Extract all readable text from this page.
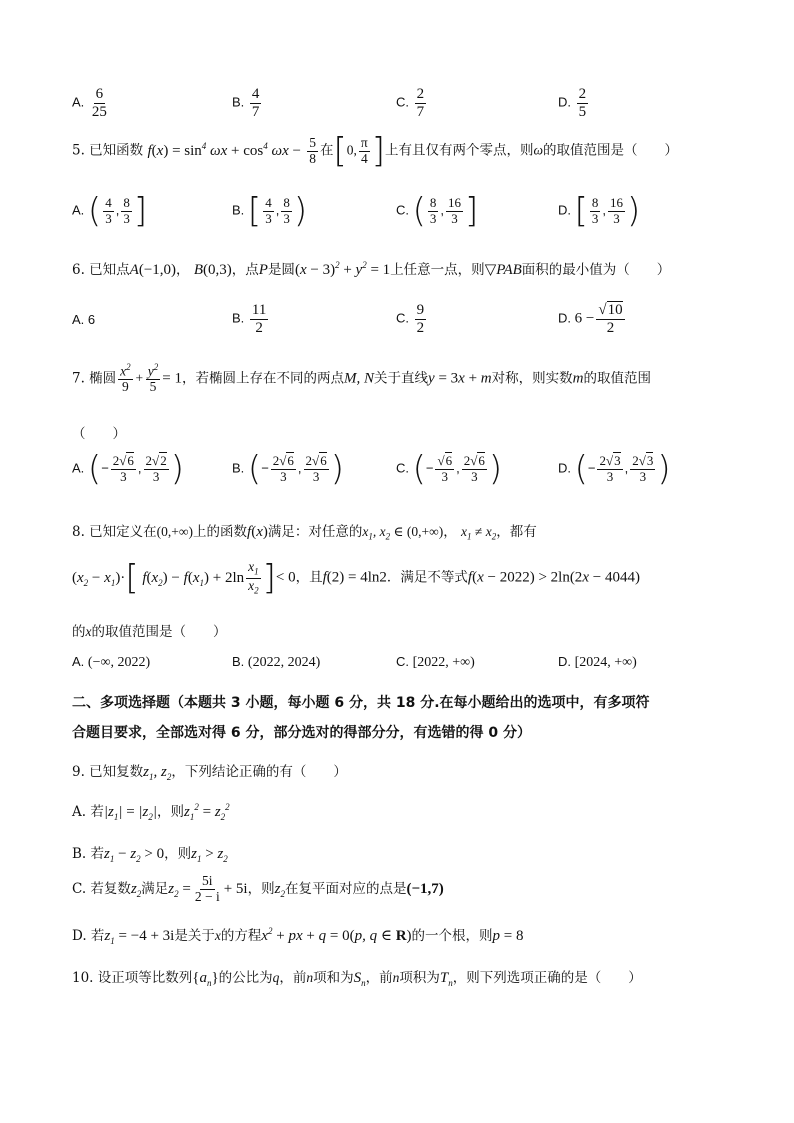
A. $\frac{6}{25}$	B. $\frac{4}{7}$	C. $\frac{2}{7}$	D. $\frac{2}{5}$
5. 已知函数 $f(x) = \sin^4 \omega x + \cos^4 \omega x - \frac{5}{8}$ 在[0, $\frac{\pi}{4}$ ]上有且仅有两个零点，则ω的取值范围是（　　）
A. ( $\frac{4}{3}$ , $\frac{8}{3}$ ]	B. [ $\frac{4}{3}$ , $\frac{8}{3}$ )	C. ( $\frac{8}{3}$ , $\frac{16}{3}$ ]	D. [ $\frac{8}{3}$ , $\frac{16}{3}$ )
6. 已知点A(−1,0)， B(0,3)，点P是圆$(x - 3)^2 + y^2 = 1$上任意一点，则▽PAB面积的最小值为（　　）
A. 6	B. $\frac{11}{2}$	C. $\frac{9}{2}$	D. $6 - \frac{√10}{2}$
7. 椭圆 $\frac{x^2}{9} + \frac{y^2}{5} = 1$，若椭圆上存在不同的两点M, N关于直线y = 3x + m对称，则实数m的取值范围
（　　）
A. (− $\frac{2√6}{3}$ , $\frac{2√2}{3}$ )	B. (− $\frac{2√6}{3}$ , $\frac{2√6}{3}$ )	C. (− $\frac{√6}{3}$ , $\frac{2√6}{3}$ )	D. (− $\frac{2√3}{3}$ , $\frac{2√3}{3}$ )
8. 已知定义在(0,+∞)上的函数f(x)满足：对任意的$x_1$, $x_2$ ∈ (0,+∞)， $x_1 \ne x_2$，都有
$(x_2 - x_1)\cdot$[ $f(x_2) - f(x_1) + 2\ln \frac{x_1}{x_2}$ ]< 0，且f(2) = 4ln2．满足不等式f(x − 2022) > 2ln(2x − 4044)
的x的取值范围是（　　）
A. (−∞, 2022)	B. (2022, 2024)	C. [2022, +∞)	D. [2024, +∞)
二、多项选择题（本题共 3 小题，每小题 6 分，共 18 分.在每小题给出的选项中，有多项符
合题目要求，全部选对得 6 分，部分选对的得部分分，有选错的得 0 分）
9. 已知复数$z_1$, $z_2$，下列结论正确的有（　　）
A. 若$|z_1| = |z_2|$，则$z_1^2 = z_2^2$
B. 若$z_1 - z_2 > 0$，则$z_1 > z_2$
C. 若复数$z_2$满足$z_2 = \frac{5i}{2 - i} + 5i$，则$z_2$在复平面对应的点是(−1,7)
D. 若$z_1 = -4 + 3i$是关于x的方程$x^2$ + px + q = 0(p, q ∈ R)的一个根，则p = 8
10. 设正项等比数列$\{a_n\}$的公比为q，前n项和为$S_n$，前n项积为$T_n$，则下列选项正确的是（　　）
